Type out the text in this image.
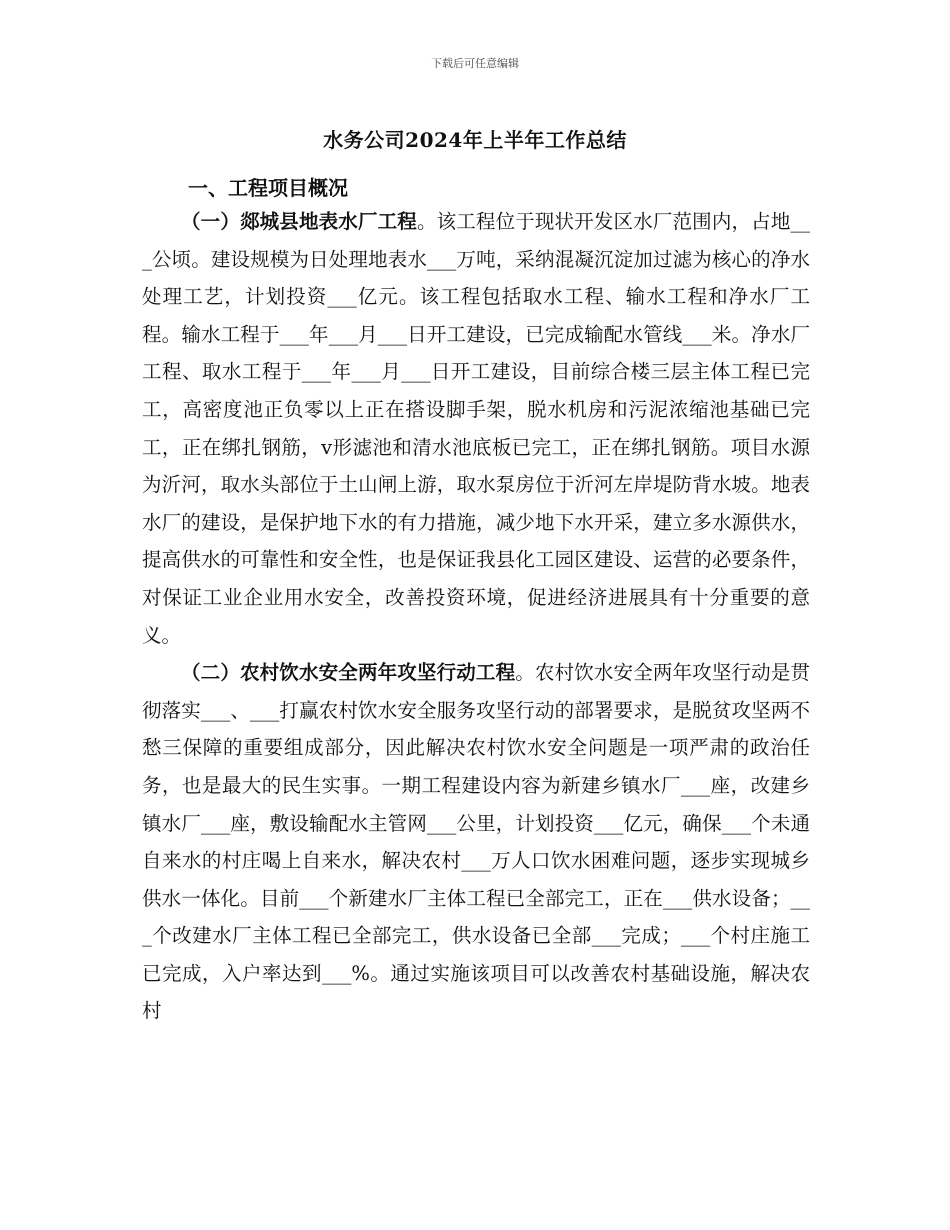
下载后可任意编辑
水务公司2024年上半年工作总结
一、工程项目概况

（一）郯城县地表水厂工程。该工程位于现状开发区水厂范围内，占地___公顷。建设规模为日处理地表水___万吨，采纳混凝沉淀加过滤为核心的净水处理工艺，计划投资___亿元。该工程包括取水工程、输水工程和净水厂工程。输水工程于___年___月___日开工建设，已完成输配水管线___米。净水厂工程、取水工程于___年___月___日开工建设，目前综合楼三层主体工程已完工，高密度池正负零以上正在搭设脚手架，脱水机房和污泥浓缩池基础已完工，正在绑扎钢筋，v形滤池和清水池底板已完工，正在绑扎钢筋。项目水源为沂河，取水头部位于土山闸上游，取水泵房位于沂河左岸堤防背水坡。地表水厂的建设，是保护地下水的有力措施，减少地下水开采，建立多水源供水，提高供水的可靠性和安全性，也是保证我县化工园区建设、运营的必要条件，对保证工业企业用水安全，改善投资环境，促进经济进展具有十分重要的意义。

（二）农村饮水安全两年攻坚行动工程。农村饮水安全两年攻坚行动是贯彻落实___、___打赢农村饮水安全服务攻坚行动的部署要求，是脱贫攻坚两不愁三保障的重要组成部分，因此解决农村饮水安全问题是一项严肃的政治任务，也是最大的民生实事。一期工程建设内容为新建乡镇水厂___座，改建乡镇水厂___座，敷设输配水主管网___公里，计划投资___亿元，确保___个未通自来水的村庄喝上自来水，解决农村___万人口饮水困难问题，逐步实现城乡供水一体化。目前___个新建水厂主体工程已全部完工，正在___供水设备；___个改建水厂主体工程已全部完工，供水设备已全部___完成；___个村庄施工已完成，入户率达到___%。通过实施该项目可以改善农村基础设施，解决农村
